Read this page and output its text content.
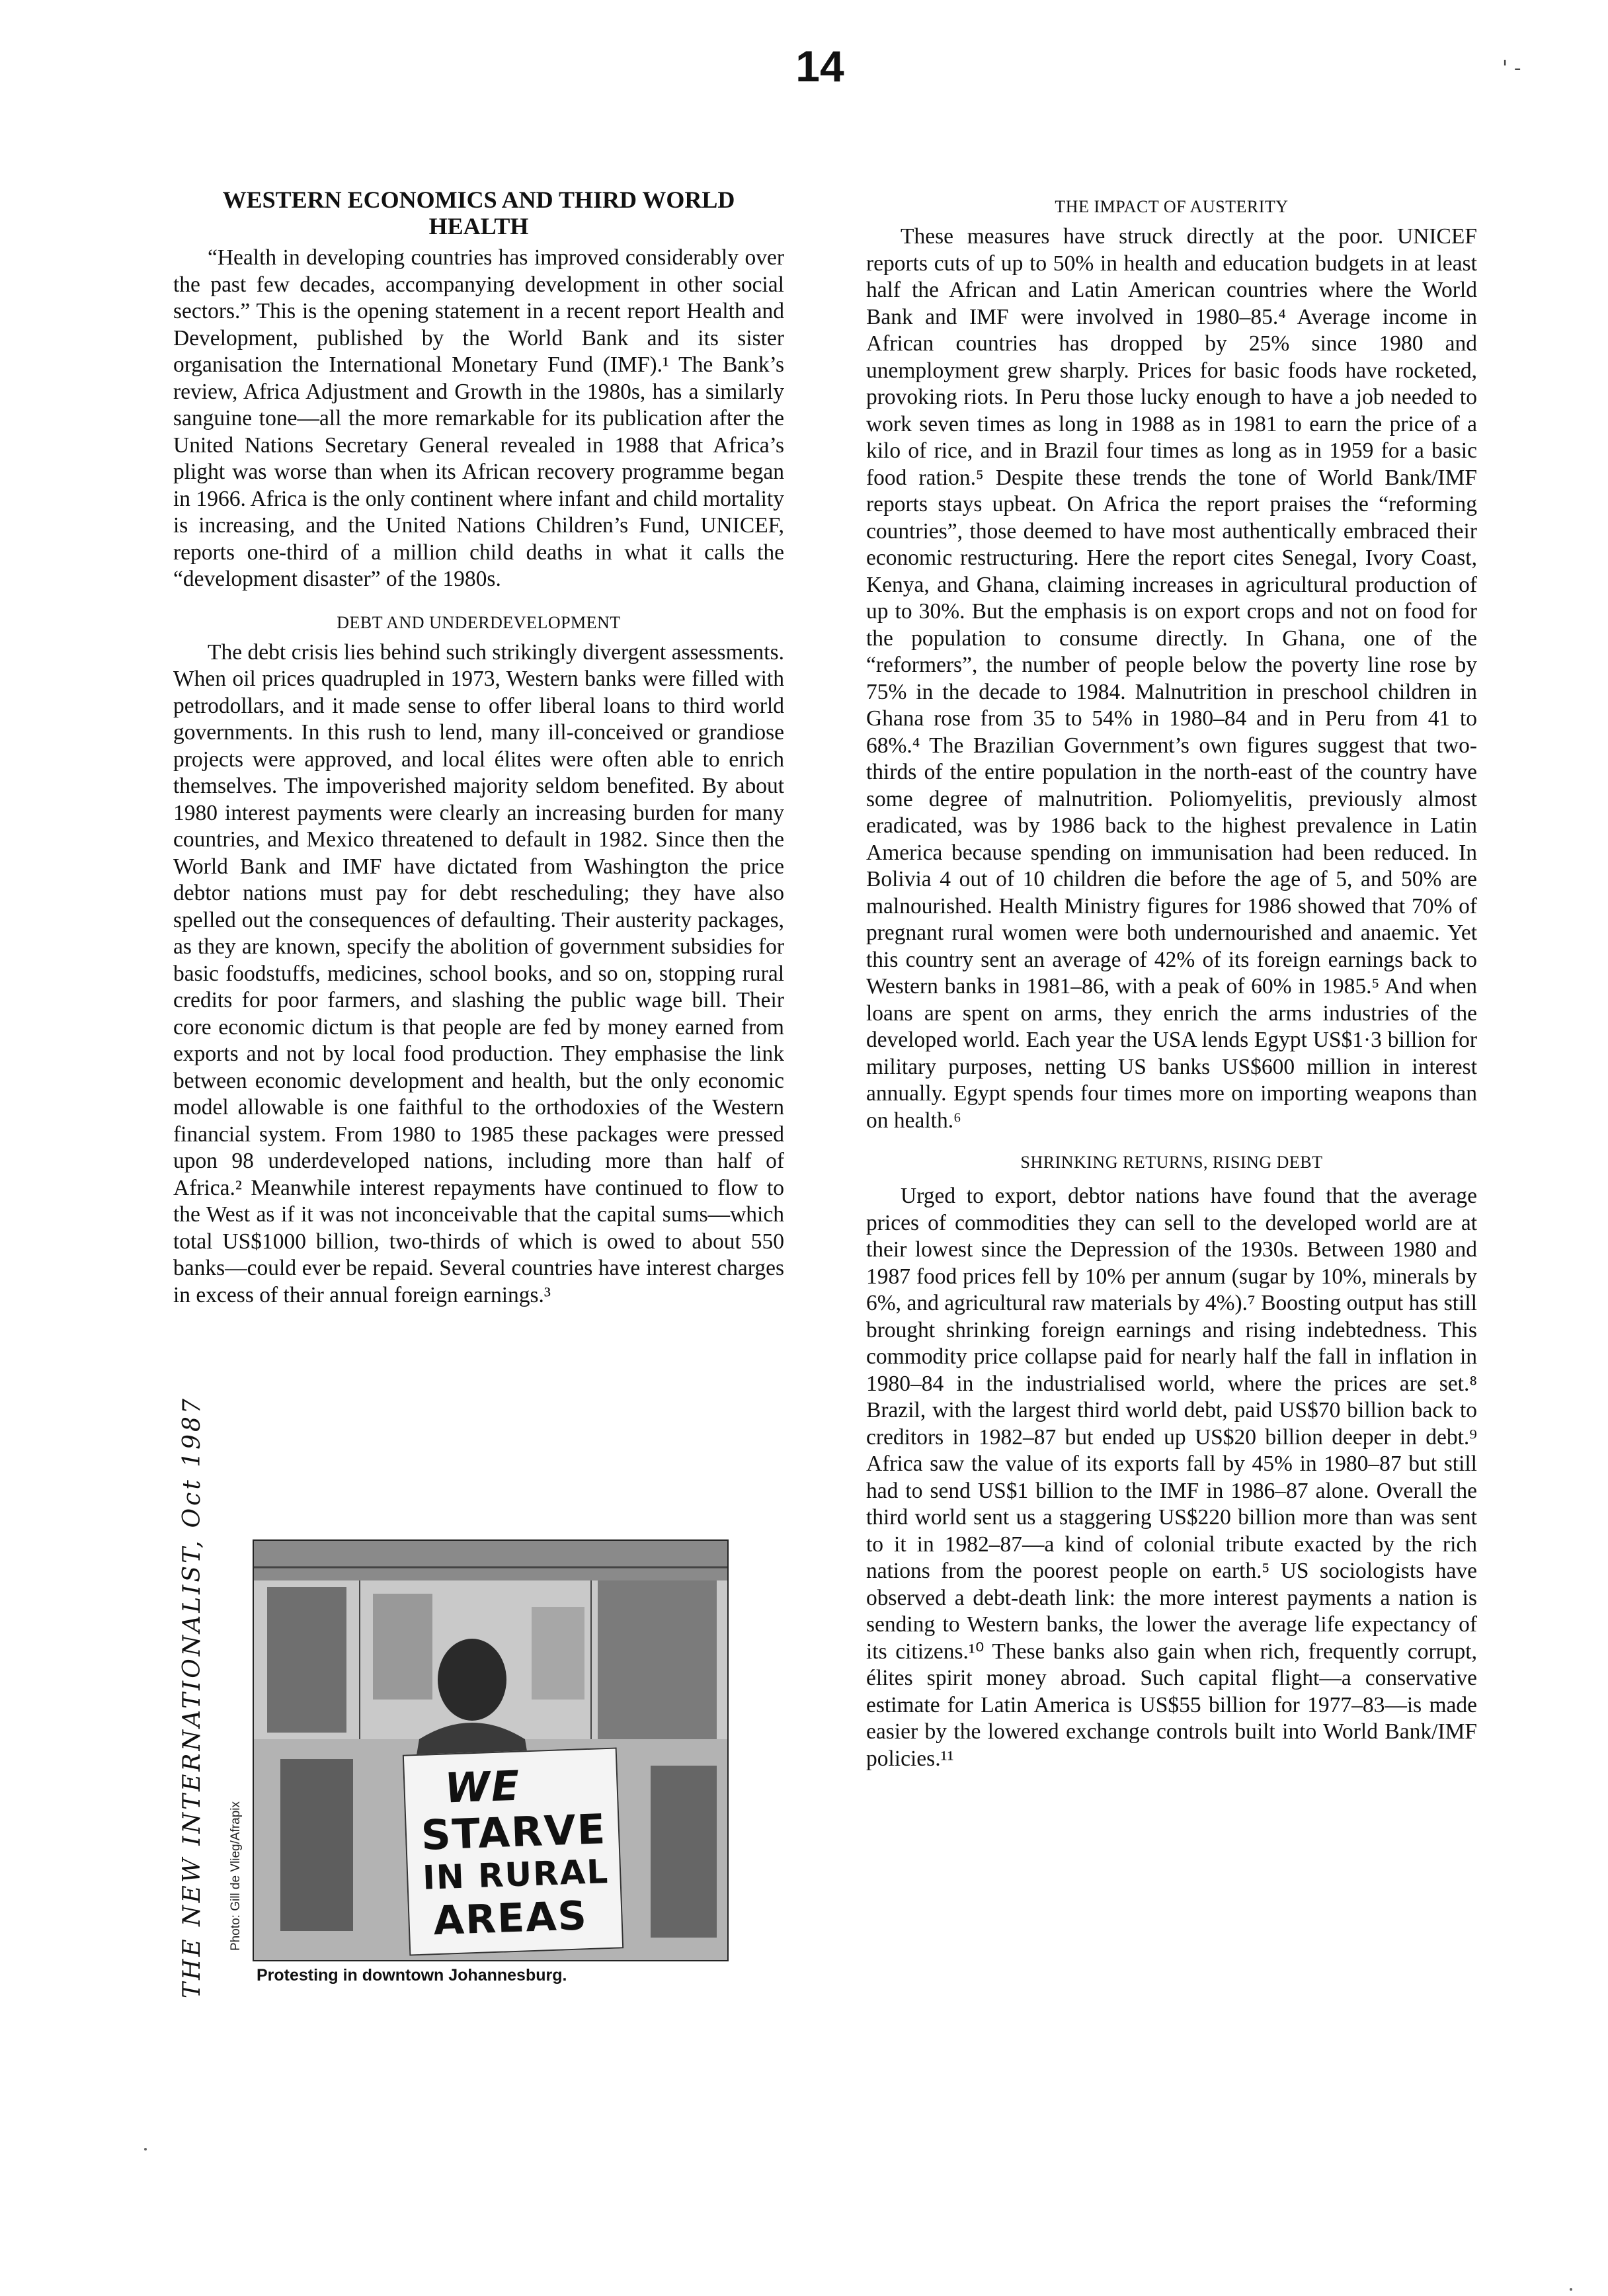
14	' -
WESTERN ECONOMICS AND THIRD WORLD HEALTH

“Health in developing countries has improved considerably over the past few decades, accompanying development in other social sectors.” This is the opening statement in a recent report Health and Development, published by the World Bank and its sister organisation the International Monetary Fund (IMF).¹ The Bank’s review, Africa Adjustment and Growth in the 1980s, has a similarly sanguine tone—all the more remarkable for its publication after the United Nations Secretary General revealed in 1988 that Africa’s plight was worse than when its African recovery programme began in 1966. Africa is the only continent where infant and child mortality is increasing, and the United Nations Children’s Fund, UNICEF, reports one-third of a million child deaths in what it calls the “development disaster” of the 1980s.

DEBT AND UNDERDEVELOPMENT

The debt crisis lies behind such strikingly divergent assessments. When oil prices quadrupled in 1973, Western banks were filled with petrodollars, and it made sense to offer liberal loans to third world governments. In this rush to lend, many ill-conceived or grandiose projects were approved, and local élites were often able to enrich themselves. The impoverished majority seldom benefited. By about 1980 interest payments were clearly an increasing burden for many countries, and Mexico threatened to default in 1982. Since then the World Bank and IMF have dictated from Washington the price debtor nations must pay for debt rescheduling; they have also spelled out the consequences of defaulting. Their austerity packages, as they are known, specify the abolition of government subsidies for basic foodstuffs, medicines, school books, and so on, stopping rural credits for poor farmers, and slashing the public wage bill. Their core economic dictum is that people are fed by money earned from exports and not by local food production. They emphasise the link between economic development and health, but the only economic model allowable is one faithful to the orthodoxies of the Western financial system. From 1980 to 1985 these packages were pressed upon 98 underdeveloped nations, including more than half of Africa.² Meanwhile interest repayments have continued to flow to the West as if it was not inconceivable that the capital sums—which total US$1000 billion, two-thirds of which is owed to about 550 banks—could ever be repaid. Several countries have interest charges in excess of their annual foreign earnings.³

THE IMPACT OF AUSTERITY

These measures have struck directly at the poor. UNICEF reports cuts of up to 50% in health and education budgets in at least half the African and Latin American countries where the World Bank and IMF were involved in 1980–85.⁴ Average income in African countries has dropped by 25% since 1980 and unemployment grew sharply. Prices for basic foods have rocketed, provoking riots. In Peru those lucky enough to have a job needed to work seven times as long in 1988 as in 1981 to earn the price of a kilo of rice, and in Brazil four times as long as in 1959 for a basic food ration.⁵ Despite these trends the tone of World Bank/IMF reports stays upbeat. On Africa the report praises the “reforming countries”, those deemed to have most authentically embraced their economic restructuring. Here the report cites Senegal, Ivory Coast, Kenya, and Ghana, claiming increases in agricultural production of up to 30%. But the emphasis is on export crops and not on food for the population to consume directly. In Ghana, one of the “reformers”, the number of people below the poverty line rose by 75% in the decade to 1984. Malnutrition in preschool children in Ghana rose from 35 to 54% in 1980–84 and in Peru from 41 to 68%.⁴ The Brazilian Government’s own figures suggest that two-thirds of the entire population in the north-east of the country have some degree of malnutrition. Poliomyelitis, previously almost eradicated, was by 1986 back to the highest prevalence in Latin America because spending on immunisation had been reduced. In Bolivia 4 out of 10 children die before the age of 5, and 50% are malnourished. Health Ministry figures for 1986 showed that 70% of pregnant rural women were both undernourished and anaemic. Yet this country sent an average of 42% of its foreign earnings back to Western banks in 1981–86, with a peak of 60% in 1985.⁵ And when loans are spent on arms, they enrich the arms industries of the developed world. Each year the USA lends Egypt US$1·3 billion for military purposes, netting US banks US$600 million in interest annually. Egypt spends four times more on importing weapons than on health.⁶

SHRINKING RETURNS, RISING DEBT

Urged to export, debtor nations have found that the average prices of commodities they can sell to the developed world are at their lowest since the Depression of the 1930s. Between 1980 and 1987 food prices fell by 10% per annum (sugar by 10%, minerals by 6%, and agricultural raw materials by 4%).⁷ Boosting output has still brought shrinking foreign earnings and rising indebtedness. This commodity price collapse paid for nearly half the fall in inflation in 1980–84 in the industrialised world, where the prices are set.⁸ Brazil, with the largest third world debt, paid US$70 billion back to creditors in 1982–87 but ended up US$20 billion deeper in debt.⁹ Africa saw the value of its exports fall by 45% in 1980–87 but still had to send US$1 billion to the IMF in 1986–87 alone. Overall the third world sent us a staggering US$220 billion more than was sent to it in 1982–87—a kind of colonial tribute exacted by the rich nations from the poorest people on earth.⁵ US sociologists have observed a debt-death link: the more interest payments a nation is sending to Western banks, the lower the average life expectancy of its citizens.¹⁰ These banks also gain when rich, frequently corrupt, élites spirit money abroad. Such capital flight—a conservative estimate for Latin America is US$55 billion for 1977–83—is made easier by the lowered exchange controls built into World Bank/IMF policies.¹¹

WE
STARVE
IN RURAL
AREAS
Protesting in downtown Johannesburg.
Photo: Gill de Vlieg/Afrapix
THE NEW INTERNATIONALIST, Oct 1987
